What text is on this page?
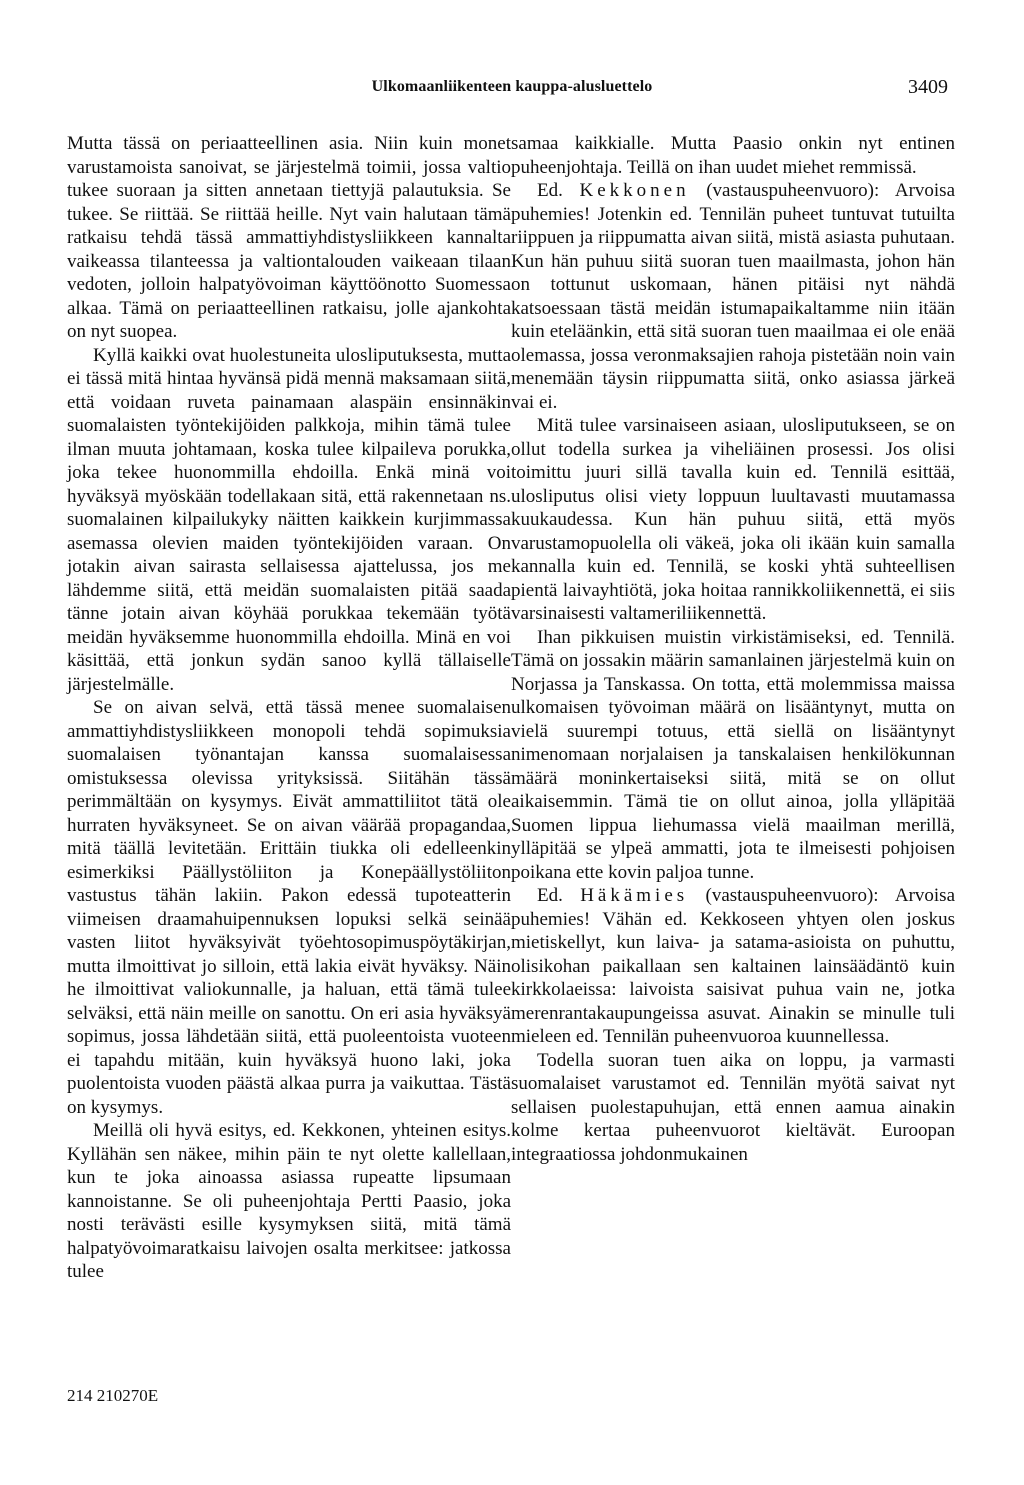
Ulkomaanliikenteen kauppa-alusluettelo	3409

Mutta tässä on periaatteellinen asia. Niin kuin monet varustamoista sanoivat, se järjestelmä toimii, jossa valtio tukee suoraan ja sitten annetaan tiettyjä palautuksia. Se tukee. Se riittää. Se riittää heille. Nyt vain halutaan tämä ratkaisu tehdä tässä ammattiyhdistysliikkeen kannalta vaikeassa tilanteessa ja valtiontalouden vaikeaan tilaan vedoten, jolloin halpatyövoiman käyttöönotto Suomessa alkaa. Tämä on periaatteellinen ratkaisu, jolle ajankohta on nyt suopea.

Kyllä kaikki ovat huolestuneita ulosliputuksesta, mutta ei tässä mitä hintaa hyvänsä pidä mennä maksamaan siitä, että voidaan ruveta painamaan alaspäin ensinnäkin suomalaisten työntekijöiden palkkoja, mihin tämä tulee ilman muuta johtamaan, koska tulee kilpaileva porukka, joka tekee huonommilla ehdoilla. Enkä minä voi hyväksyä myöskään todellakaan sitä, että rakennetaan ns. suomalainen kilpailukyky näitten kaikkein kurjimmassa asemassa olevien maiden työntekijöiden varaan. On jotakin aivan sairasta sellaisessa ajattelussa, jos me lähdemme siitä, että meidän suomalaisten pitää saada tänne jotain aivan köyhää porukkaa tekemään työtä meidän hyväksemme huonommilla ehdoilla. Minä en voi käsittää, että jonkun sydän sanoo kyllä tällaiselle järjestelmälle.

Se on aivan selvä, että tässä menee suomalaisen ammattiyhdistysliikkeen monopoli tehdä sopimuksia suomalaisen työnantajan kanssa suomalaisessa omistuksessa olevissa yrityksissä. Siitähän tässä perimmältään on kysymys. Eivät ammattiliitot tätä ole hurraten hyväksyneet. Se on aivan väärää propagandaa, mitä täällä levitetään. Erittäin tiukka oli edelleenkin esimerkiksi Päällystöliiton ja Konepäällystöliiton vastustus tähän lakiin. Pakon edessä tupoteatterin viimeisen draamahuipennuksen lopuksi selkä seinää vasten liitot hyväksyivät työehtosopimuspöytäkirjan, mutta ilmoittivat jo silloin, että lakia eivät hyväksy. Näin he ilmoittivat valiokunnalle, ja haluan, että tämä tulee selväksi, että näin meille on sanottu. On eri asia hyväksyä sopimus, jossa lähdetään siitä, että puoleentoista vuoteen ei tapahdu mitään, kuin hyväksyä huono laki, joka puolentoista vuoden päästä alkaa purra ja vaikuttaa. Tästä on kysymys.

Meillä oli hyvä esitys, ed. Kekkonen, yhteinen esitys. Kyllähän sen näkee, mihin päin te nyt olette kallellaan, kun te joka ainoassa asiassa rupeatte lipsumaan kannoistanne. Se oli puheenjohtaja Pertti Paasio, joka nosti terävästi esille kysymyksen siitä, mitä tämä halpatyövoimaratkaisu laivojen osalta merkitsee: jatkossa tulee

samaa kaikkialle. Mutta Paasio onkin nyt entinen puheenjohtaja. Teillä on ihan uudet miehet remmissä.

Ed. Kekkonen (vastauspuheenvuoro): Arvoisa puhemies! Jotenkin ed. Tennilän puheet tuntuvat tutuilta riippuen ja riippumatta aivan siitä, mistä asiasta puhutaan. Kun hän puhuu siitä suoran tuen maailmasta, johon hän on tottunut uskomaan, hänen pitäisi nyt nähdä katsoessaan tästä meidän istumapaikaltamme niin itään kuin eteläänkin, että sitä suoran tuen maailmaa ei ole enää olemassa, jossa veronmaksajien rahoja pistetään noin vain menemään täysin riippumatta siitä, onko asiassa järkeä vai ei.

Mitä tulee varsinaiseen asiaan, ulosliputukseen, se on ollut todella surkea ja viheliäinen prosessi. Jos olisi toimittu juuri sillä tavalla kuin ed. Tennilä esittää, ulosliputus olisi viety loppuun luultavasti muutamassa kuukaudessa. Kun hän puhuu siitä, että myös varustamopuolella oli väkeä, joka oli ikään kuin samalla kannalla kuin ed. Tennilä, se koski yhtä suhteellisen pientä laivayhtiötä, joka hoitaa rannikkoliikennettä, ei siis varsinaisesti valtameriliikennettä.

Ihan pikkuisen muistin virkistämiseksi, ed. Tennilä. Tämä on jossakin määrin samanlainen järjestelmä kuin on Norjassa ja Tanskassa. On totta, että molemmissa maissa ulkomaisen työvoiman määrä on lisääntynyt, mutta on vielä suurempi totuus, että siellä on lisääntynyt nimenomaan norjalaisen ja tanskalaisen henkilökunnan määrä moninkertaiseksi siitä, mitä se on ollut aikaisemmin. Tämä tie on ollut ainoa, jolla ylläpitää Suomen lippua liehumassa vielä maailman merillä, ylläpitää se ylpeä ammatti, jota te ilmeisesti pohjoisen poikana ette kovin paljoa tunne.

Ed. Häkämies (vastauspuheenvuoro): Arvoisa puhemies! Vähän ed. Kekkoseen yhtyen olen joskus mietiskellyt, kun laiva- ja satama-asioista on puhuttu, olisikohan paikallaan sen kaltainen lainsäädäntö kuin kirkkolaeissa: laivoista saisivat puhua vain ne, jotka merenrantakaupungeissa asuvat. Ainakin se minulle tuli mieleen ed. Tennilän puheenvuoroa kuunnellessa.

Todella suoran tuen aika on loppu, ja varmasti suomalaiset varustamot ed. Tennilän myötä saivat nyt sellaisen puolestapuhujan, että ennen aamua ainakin kolme kertaa puheenvuorot kieltävät. Euroopan integraatiossa johdonmukainen

214 210270E
